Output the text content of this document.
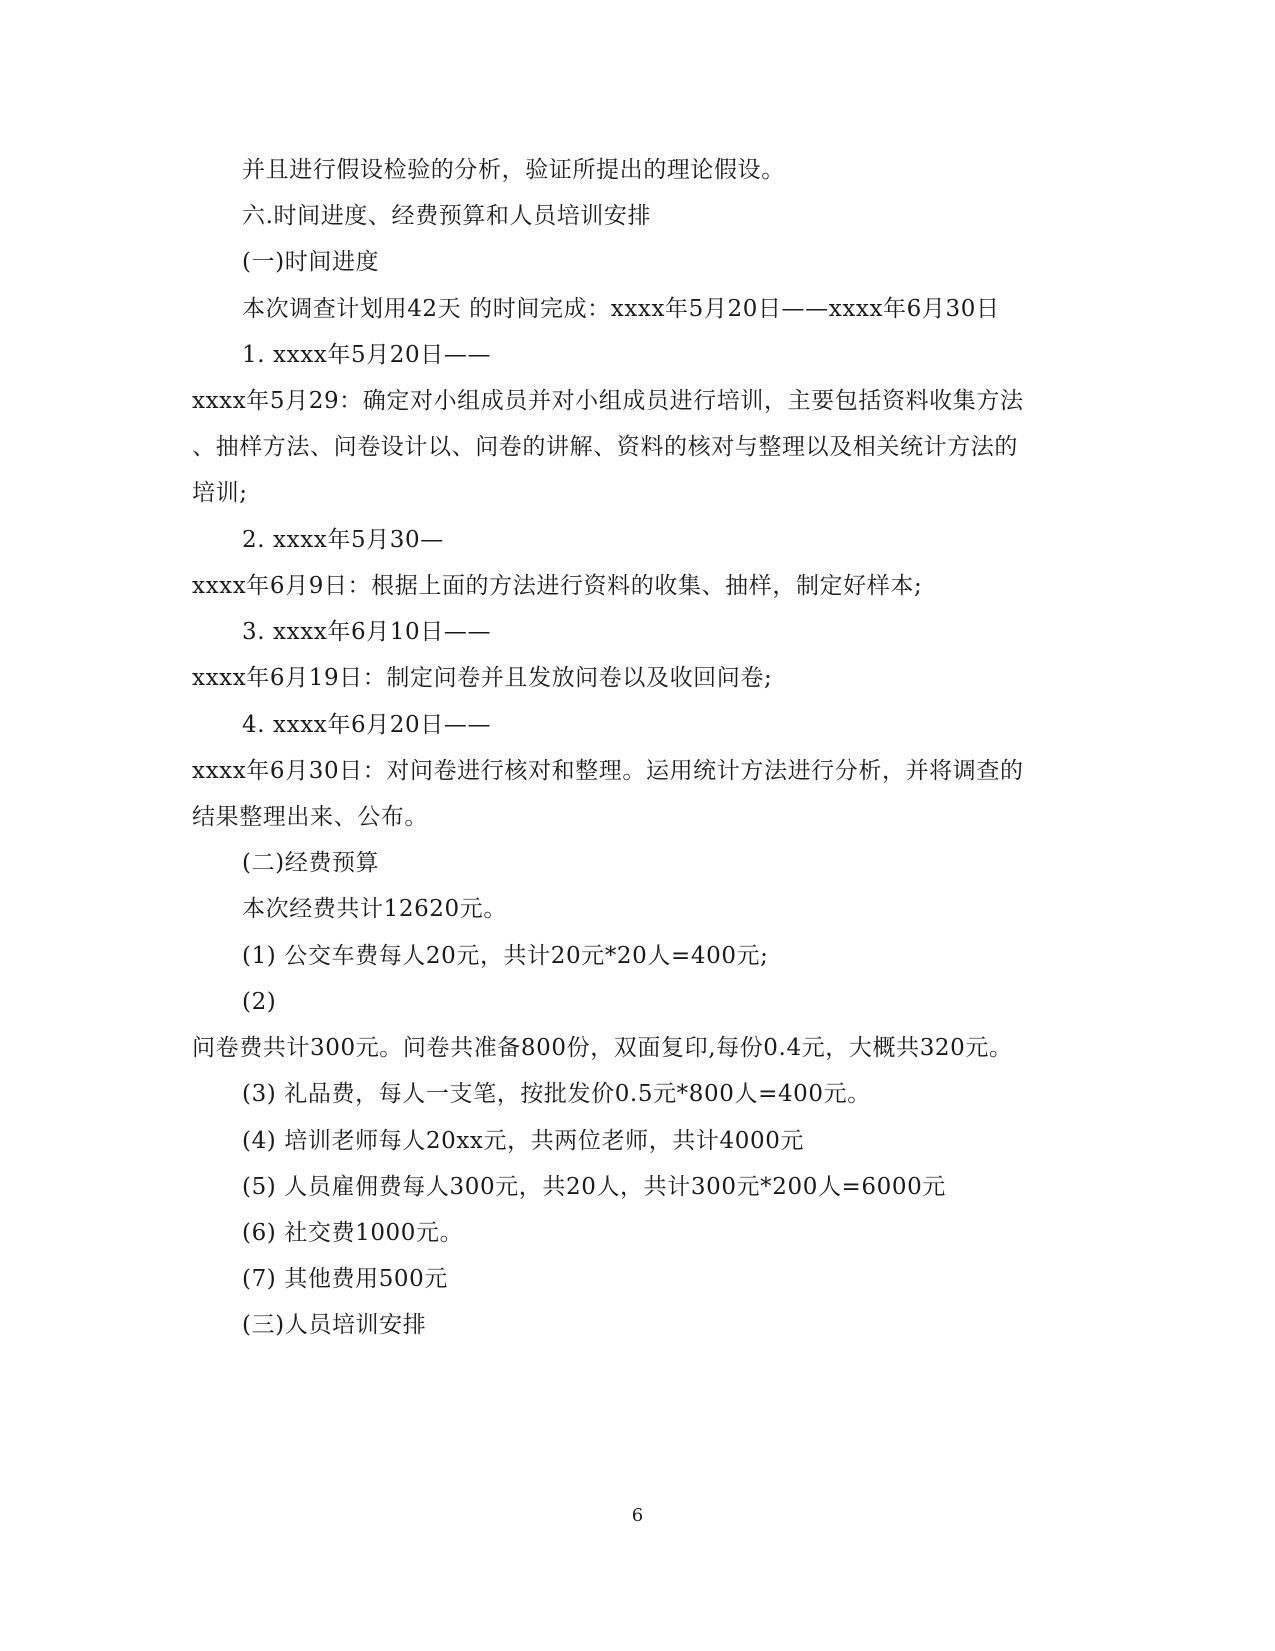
并且进行假设检验的分析，验证所提出的理论假设。
六.时间进度、经费预算和人员培训安排
(一)时间进度
本次调查计划用42天 的时间完成：xxxx年5月20日——xxxx年6月30日
1. xxxx年5月20日——
xxxx年5月29：确定对小组成员并对小组成员进行培训，主要包括资料收集方法
、抽样方法、问卷设计以、问卷的讲解、资料的核对与整理以及相关统计方法的
培训;
2. xxxx年5月30—
xxxx年6月9日：根据上面的方法进行资料的收集、抽样，制定好样本;
3. xxxx年6月10日——
xxxx年6月19日：制定问卷并且发放问卷以及收回问卷;
4. xxxx年6月20日——
xxxx年6月30日：对问卷进行核对和整理。运用统计方法进行分析，并将调查的
结果整理出来、公布。
(二)经费预算
本次经费共计12620元。
(1) 公交车费每人20元，共计20元*20人=400元;
(2)
问卷费共计300元。问卷共准备800份，双面复印,每份0.4元，大概共320元。
(3) 礼品费，每人一支笔，按批发价0.5元*800人=400元。
(4) 培训老师每人20xx元，共两位老师，共计4000元
(5) 人员雇佣费每人300元，共20人，共计300元*200人=6000元
(6) 社交费1000元。
(7) 其他费用500元
(三)人员培训安排
6
